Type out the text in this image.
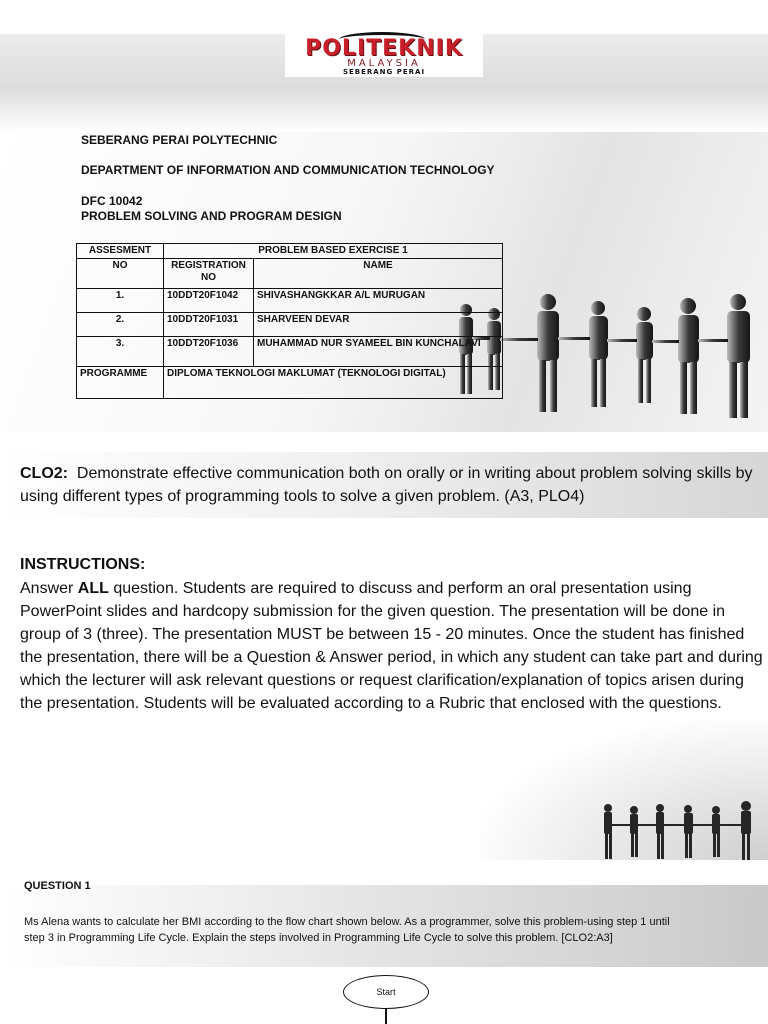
POLITEKNIK
MALAYSIA
SEBERANG PERAI
SEBERANG PERAI POLYTECHNIC
DEPARTMENT OF INFORMATION AND COMMUNICATION TECHNOLOGY
DFC 10042
PROBLEM SOLVING AND PROGRAM DESIGN
ASSESMENT	PROBLEM BASED EXERCISE 1	
NO	REGISTRATION NO	NAME
1.	10DDT20F1042	SHIVASHANGKKAR A/L MURUGAN
2.	10DDT20F1031	SHARVEEN DEVAR
3.	10DDT20F1036	MUHAMMAD NUR SYAMEEL BIN KUNCHALAVI
PROGRAMME	DIPLOMA TEKNOLOGI MAKLUMAT (TEKNOLOGI DIGITAL)	
CLO2: Demonstrate effective communication both on orally or in writing about problem solving skills by using different types of programming tools to solve a given problem. (A3, PLO4)
INSTRUCTIONS:
Answer ALL question. Students are required to discuss and perform an oral presentation using PowerPoint slides and hardcopy submission for the given question. The presentation will be done in group of 3 (three). The presentation MUST be between 15 - 20 minutes. Once the student has finished the presentation, there will be a Question & Answer period, in which any student can take part and during which the lecturer will ask relevant questions or request clarification/explanation of topics arisen during the presentation. Students will be evaluated according to a Rubric that enclosed with the questions.
QUESTION 1
Ms Alena wants to calculate her BMI according to the flow chart shown below. As a programmer, solve this problem-using step 1 until step 3 in Programming Life Cycle. Explain the steps involved in Programming Life Cycle to solve this problem. [CLO2:A3]
Start
